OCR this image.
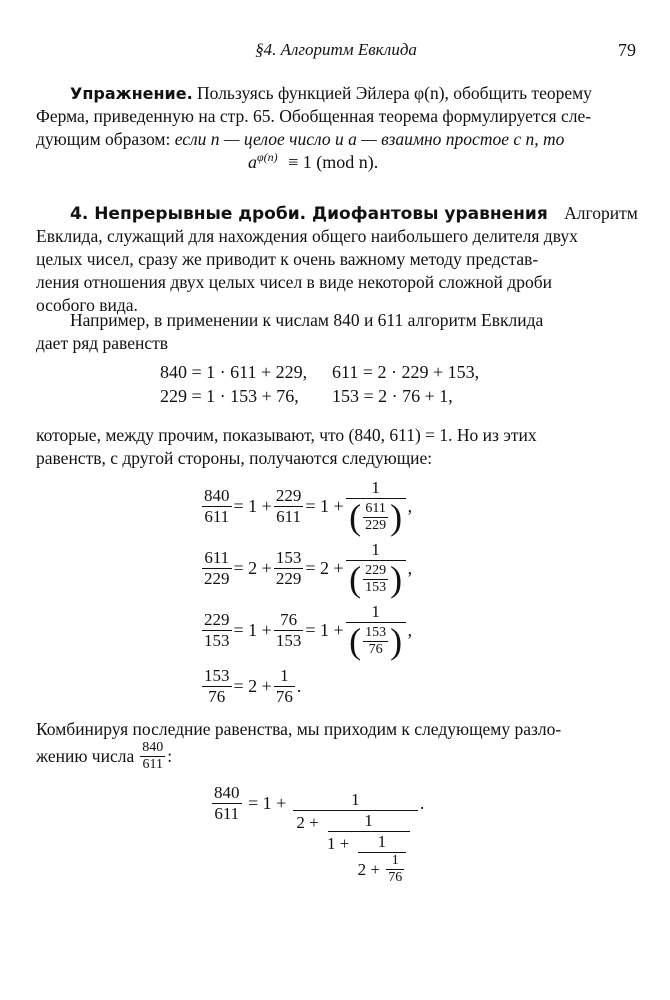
§4. Алгоритм Евклида	79
Упражнение. Пользуясь функцией Эйлера φ(n), обобщить теорему
Ферма, приведенную на стр. 65. Обобщенная теорема формулируется сле-
дующим образом: если n — целое число и a — взаимно простое с n, то
$a^{\varphi(n)} \equiv 1$ (mod n).
4. Непрерывные дроби. Диофантовы уравнения Алгоритм
Евклида, служащий для нахождения общего наибольшего делителя двух
целых чисел, сразу же приводит к очень важному методу представ-
ления отношения двух целых чисел в виде некоторой сложной дроби
особого вида.
Например, в применении к числам 840 и 611 алгоритм Евклида
дает ряд равенств
840 = 1 · 611 + 229, 611 = 2 · 229 + 153,
229 = 1 · 153 + 76, 153 = 2 · 76 + 1,
которые, между прочим, показывают, что (840, 611) = 1. Но из этих
равенств, с другой стороны, получаются следующие:
$\frac{840}{611}$ =
1
+ $\frac{229}{611}$ =
1
+ $\frac{1}{( \frac{611}{229} )}$ ,
$\frac{611}{229}$ =
2
+ $\frac{153}{229}$ =
2
+ $\frac{1}{( \frac{229}{153} )}$ ,
$\frac{229}{153}$ =
1
+ $\frac{76}{153}$ =
1
+ $\frac{1}{( \frac{153}{76} )}$ ,
$\frac{153}{76}$ =
2
+ $\frac{1}{76}$ .
Комбинируя последние равенства, мы приходим к следующему разло-
жению числа $\frac{840}{611}$ :
$\frac{840}{611} = 1$ +	1
2 +	1
1 + 1
2
+
$\frac{1}{76}$
.
